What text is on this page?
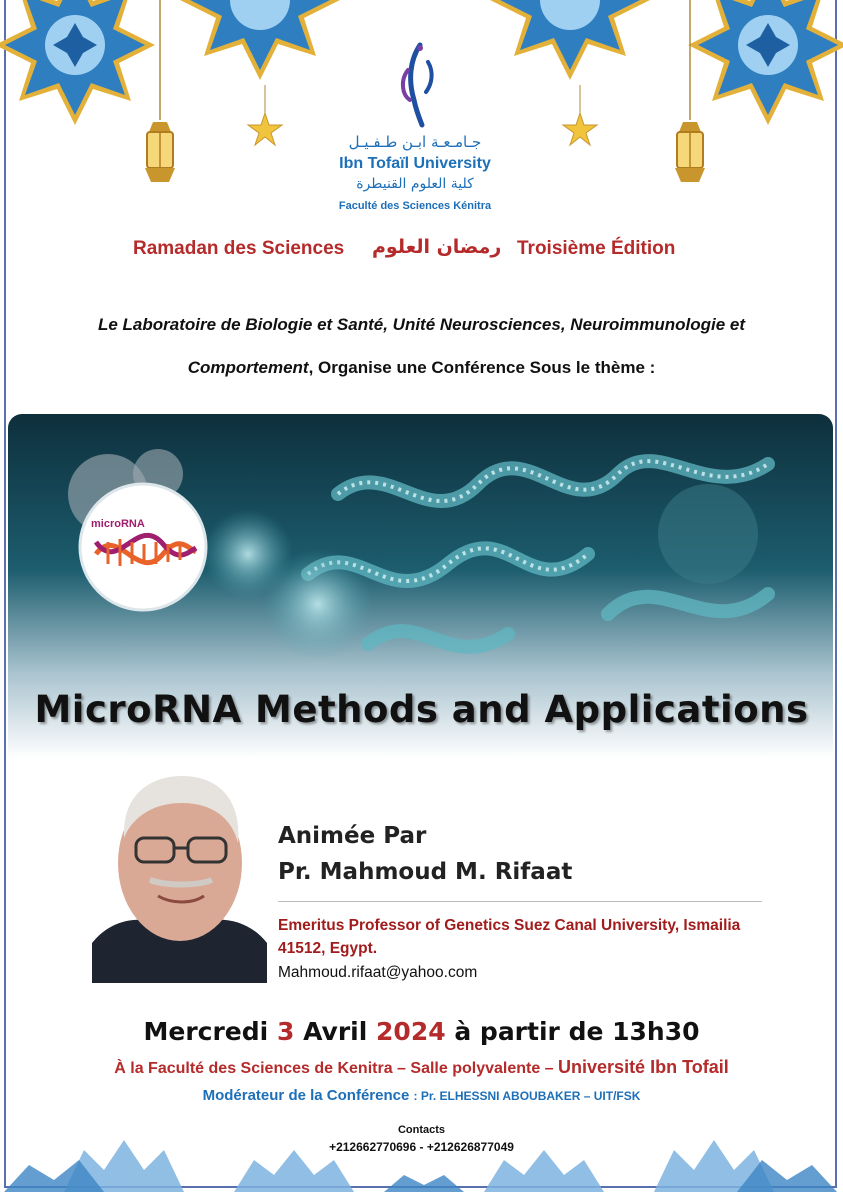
جـامـعـة ابـن طـفـيـل
Ibn Tofaïl University
كلية العلوم القنيطرة
Faculté des Sciences Kénitra
Ramadan des Sciences رمضان العلوم Troisième Édition
Le Laboratoire de Biologie et Santé, Unité Neurosciences, Neuroimmunologie et
Comportement, Organise une Conférence Sous le thème :
microRNA
MicroRNA Methods and Applications
Animée Par
Pr. Mahmoud M. Rifaat
Emeritus Professor of Genetics Suez Canal University, Ismailia
41512, Egypt.
Mahmoud.rifaat@yahoo.com
Mercredi 3 Avril 2024 à partir de 13h30
À la Faculté des Sciences de Kenitra – Salle polyvalente – Université Ibn Tofail
Modérateur de la Conférence : Pr. ELHESSNI ABOUBAKER – UIT/FSK
Contacts
+212662770696 - +212626877049
